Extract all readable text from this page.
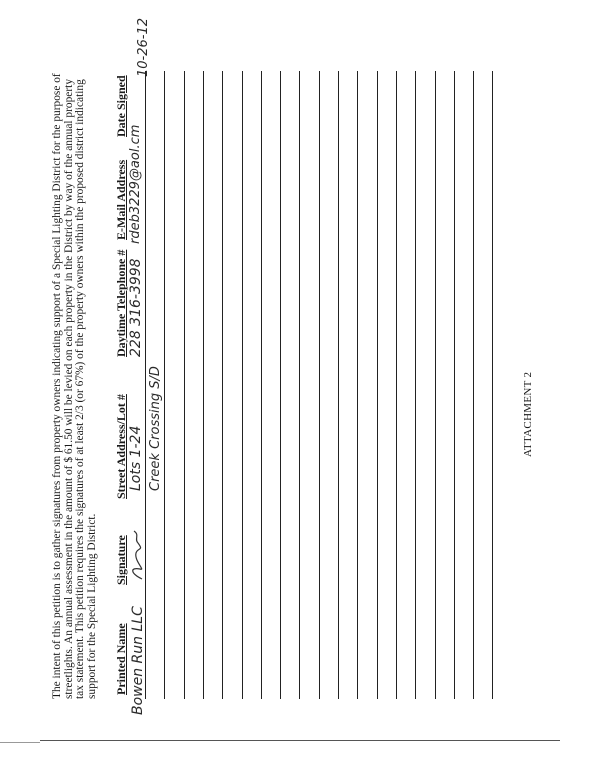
The intent of this petition is to gather signatures from property owners indicating support of a Special Lighting District for the purpose of streetlights. An annual assessment in the amount of $ 61.50 will be levied on each property in the District by way of the annual property tax statement. This petition requires the signatures of at least 2/3 (or 67%) of the property owners within the proposed district indicating support for the Special Lighting District. Printed Name
Signature
Street Address/Lot #
Daytime Telephone #
E-Mail Address
Date Signed
Bowen Run LLC
Lots 1-24 Creek Crossing S/D
228 316-3998
rdeb3229@aol.cm
10-26-12
ATTACHMENT 2
